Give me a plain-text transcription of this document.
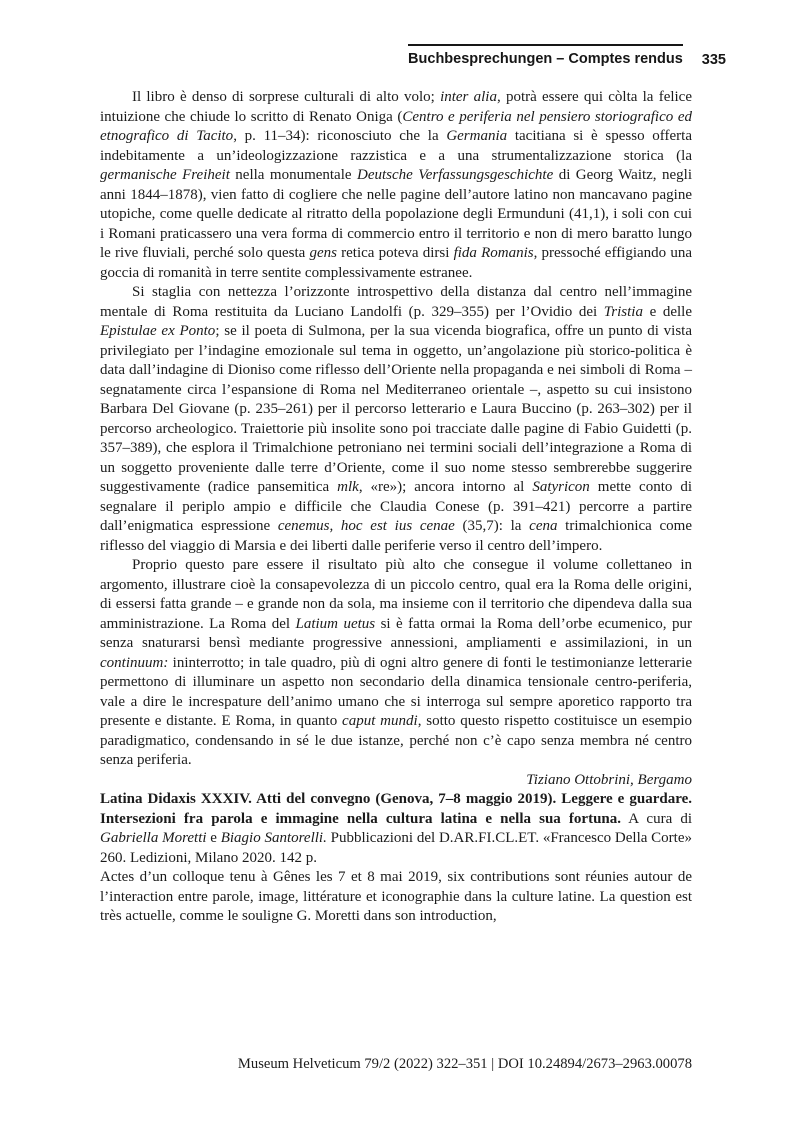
Buchbesprechungen – Comptes rendus 335

Il libro è denso di sorprese culturali di alto volo; inter alia, potrà essere qui còlta la felice intuizione che chiude lo scritto di Renato Oniga (Centro e periferia nel pensiero storiografico ed etnografico di Tacito, p. 11–34): riconosciuto che la Germania tacitiana si è spesso offerta indebitamente a un’ideologizzazione razzistica e a una strumentalizzazione storica (la germanische Freiheit nella monumentale Deutsche Verfassungsgeschichte di Georg Waitz, negli anni 1844–1878), vien fatto di cogliere che nelle pagine dell’autore latino non mancavano pagine utopiche, come quelle dedicate al ritratto della popolazione degli Ermunduni (41,1), i soli con cui i Romani praticassero una vera forma di commercio entro il territorio e non di mero baratto lungo le rive fluviali, perché solo questa gens retica poteva dirsi fida Romanis, pressoché effigiando una goccia di romanità in terre sentite complessivamente estranee.

Si staglia con nettezza l’orizzonte introspettivo della distanza dal centro nell’immagine mentale di Roma restituita da Luciano Landolfi (p. 329–355) per l’Ovidio dei Tristia e delle Epistulae ex Ponto; se il poeta di Sulmona, per la sua vicenda biografica, offre un punto di vista privilegiato per l’indagine emozionale sul tema in oggetto, un’angolazione più storico-politica è data dall’indagine di Dioniso come riflesso dell’Oriente nella propaganda e nei simboli di Roma – segnatamente circa l’espansione di Roma nel Mediterraneo orientale –, aspetto su cui insistono Barbara Del Giovane (p. 235–261) per il percorso letterario e Laura Buccino (p. 263–302) per il percorso archeologico. Traiettorie più insolite sono poi tracciate dalle pagine di Fabio Guidetti (p. 357–389), che esplora il Trimalchione petroniano nei termini sociali dell’integrazione a Roma di un soggetto proveniente dalle terre d’Oriente, come il suo nome stesso sembrerebbe suggerire suggestivamente (radice pansemitica mlk, «re»); ancora intorno al Satyricon mette conto di segnalare il periplo ampio e difficile che Claudia Conese (p. 391–421) percorre a partire dall’enigmatica espressione cenemus, hoc est ius cenae (35,7): la cena trimalchionica come riflesso del viaggio di Marsia e dei liberti dalle periferie verso il centro dell’impero.

Proprio questo pare essere il risultato più alto che consegue il volume collettaneo in argomento, illustrare cioè la consapevolezza di un piccolo centro, qual era la Roma delle origini, di essersi fatta grande – e grande non da sola, ma insieme con il territorio che dipendeva dalla sua amministrazione. La Roma del Latium uetus si è fatta ormai la Roma dell’orbe ecumenico, pur senza snaturarsi bensì mediante progressive annessioni, ampliamenti e assimilazioni, in un continuum: ininterrotto; in tale quadro, più di ogni altro genere di fonti le testimonianze letterarie permettono di illuminare un aspetto non secondario della dinamica tensionale centro-periferia, vale a dire le increspature dell’animo umano che si interroga sul sempre aporetico rapporto tra presente e distante. E Roma, in quanto caput mundi, sotto questo rispetto costituisce un esempio paradigmatico, condensando in sé le due istanze, perché non c’è capo senza membra né centro senza periferia.

Tiziano Ottobrini, Bergamo

Latina Didaxis XXXIV. Atti del convegno (Genova, 7–8 maggio 2019). Leggere e guardare. Intersezioni fra parola e immagine nella cultura latina e nella sua fortuna. A cura di Gabriella Moretti e Biagio Santorelli. Pubblicazioni del D.AR.FI.CL.ET. «Francesco Della Corte» 260. Ledizioni, Milano 2020. 142 p.

Actes d’un colloque tenu à Gênes les 7 et 8 mai 2019, six contributions sont réunies autour de l’interaction entre parole, image, littérature et iconographie dans la culture latine. La question est très actuelle, comme le souligne G. Moretti dans son introduction,

Museum Helveticum 79/2 (2022) 322–351 | DOI 10.24894/2673–2963.00078
